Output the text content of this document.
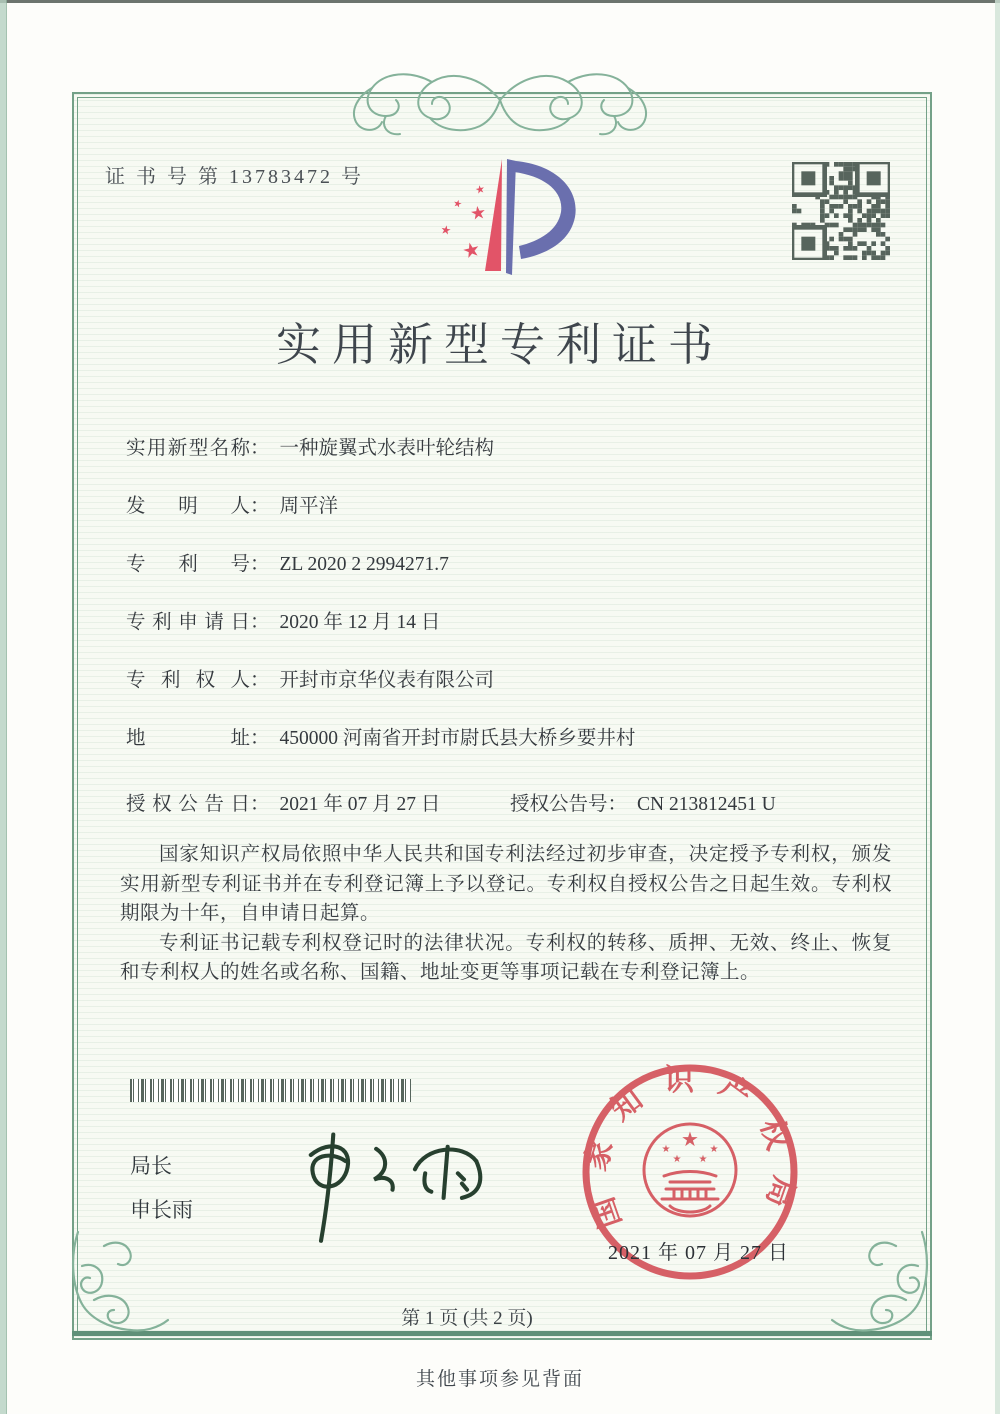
证 书 号 第 13783472 号
★
★ ★
★
★
实用新型专利证书
实用新型名称： 一种旋翼式水表叶轮结构
发 明 人： 周平洋
专 利 号： ZL 2020 2 2994271.7
专利申请日： 2020 年 12 月 14 日
专 利 权 人： 开封市京华仪表有限公司
地 址： 450000 河南省开封市尉氏县大桥乡要井村
授权公告日： 2021 年 07 月 27 日	授权公告号： CN 213812451 U

国家知识产权局依照中华人民共和国专利法经过初步审查，决定授予专利权，颁发实用新型专利证书并在专利登记簿上予以登记。专利权自授权公告之日起生效。专利权期限为十年，自申请日起算。

专利证书记载专利权登记时的法律状况。专利权的转移、质押、无效、终止、恢复和专利权人的姓名或名称、国籍、地址变更等事项记载在专利登记簿上。

局长
申长雨	国家知识产权局
★
★	★
★ ★
2021 年 07 月 27 日
第 1 页 (共 2 页)
其他事项参见背面
